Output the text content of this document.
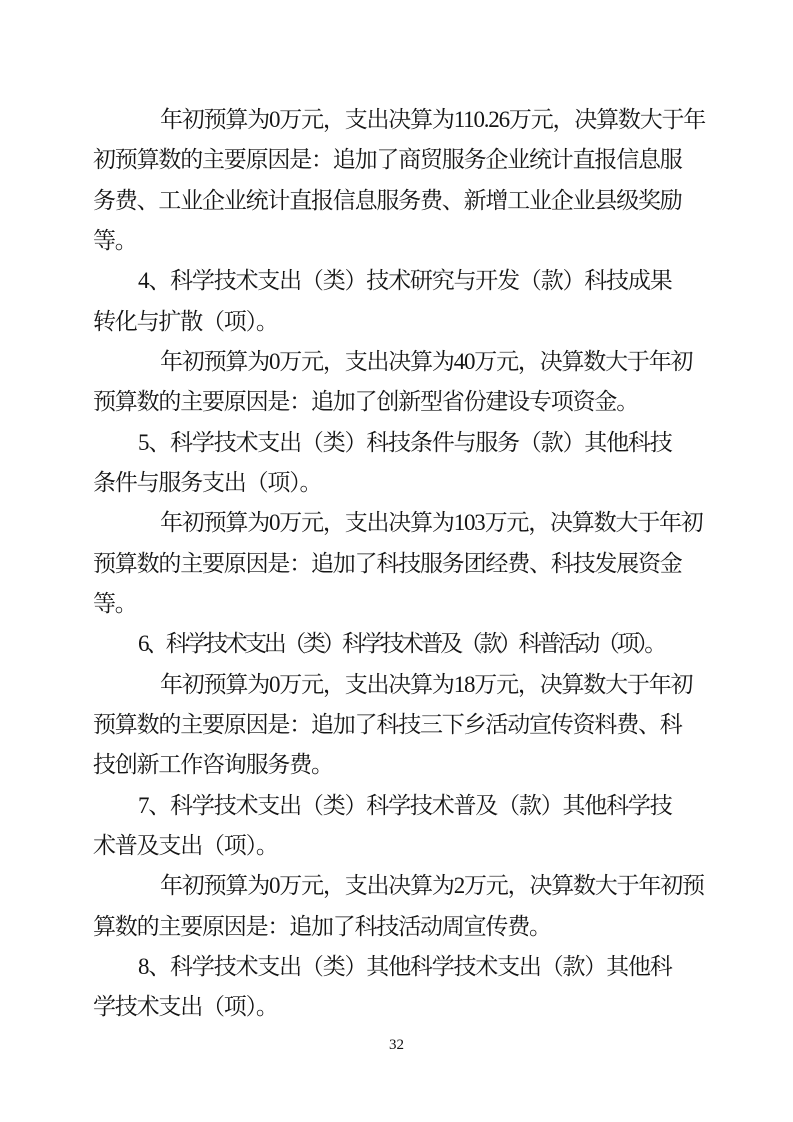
年初预算为0万元，支出决算为110.26万元，决算数大于年
初预算数的主要原因是：追加了商贸服务企业统计直报信息服
务费、工业企业统计直报信息服务费、新增工业企业县级奖励
等。
4、科学技术支出（类）技术研究与开发（款）科技成果
转化与扩散（项）。
年初预算为0万元，支出决算为40万元，决算数大于年初
预算数的主要原因是：追加了创新型省份建设专项资金。
5、科学技术支出（类）科技条件与服务（款）其他科技
条件与服务支出（项）。
年初预算为0万元，支出决算为103万元，决算数大于年初
预算数的主要原因是：追加了科技服务团经费、科技发展资金
等。
6、科学技术支出（类）科学技术普及（款）科普活动（项）。
年初预算为0万元，支出决算为18万元，决算数大于年初
预算数的主要原因是：追加了科技三下乡活动宣传资料费、科
技创新工作咨询服务费。
7、科学技术支出（类）科学技术普及（款）其他科学技
术普及支出（项）。
年初预算为0万元，支出决算为2万元，决算数大于年初预
算数的主要原因是：追加了科技活动周宣传费。
8、科学技术支出（类）其他科学技术支出（款）其他科
学技术支出（项）。
32
